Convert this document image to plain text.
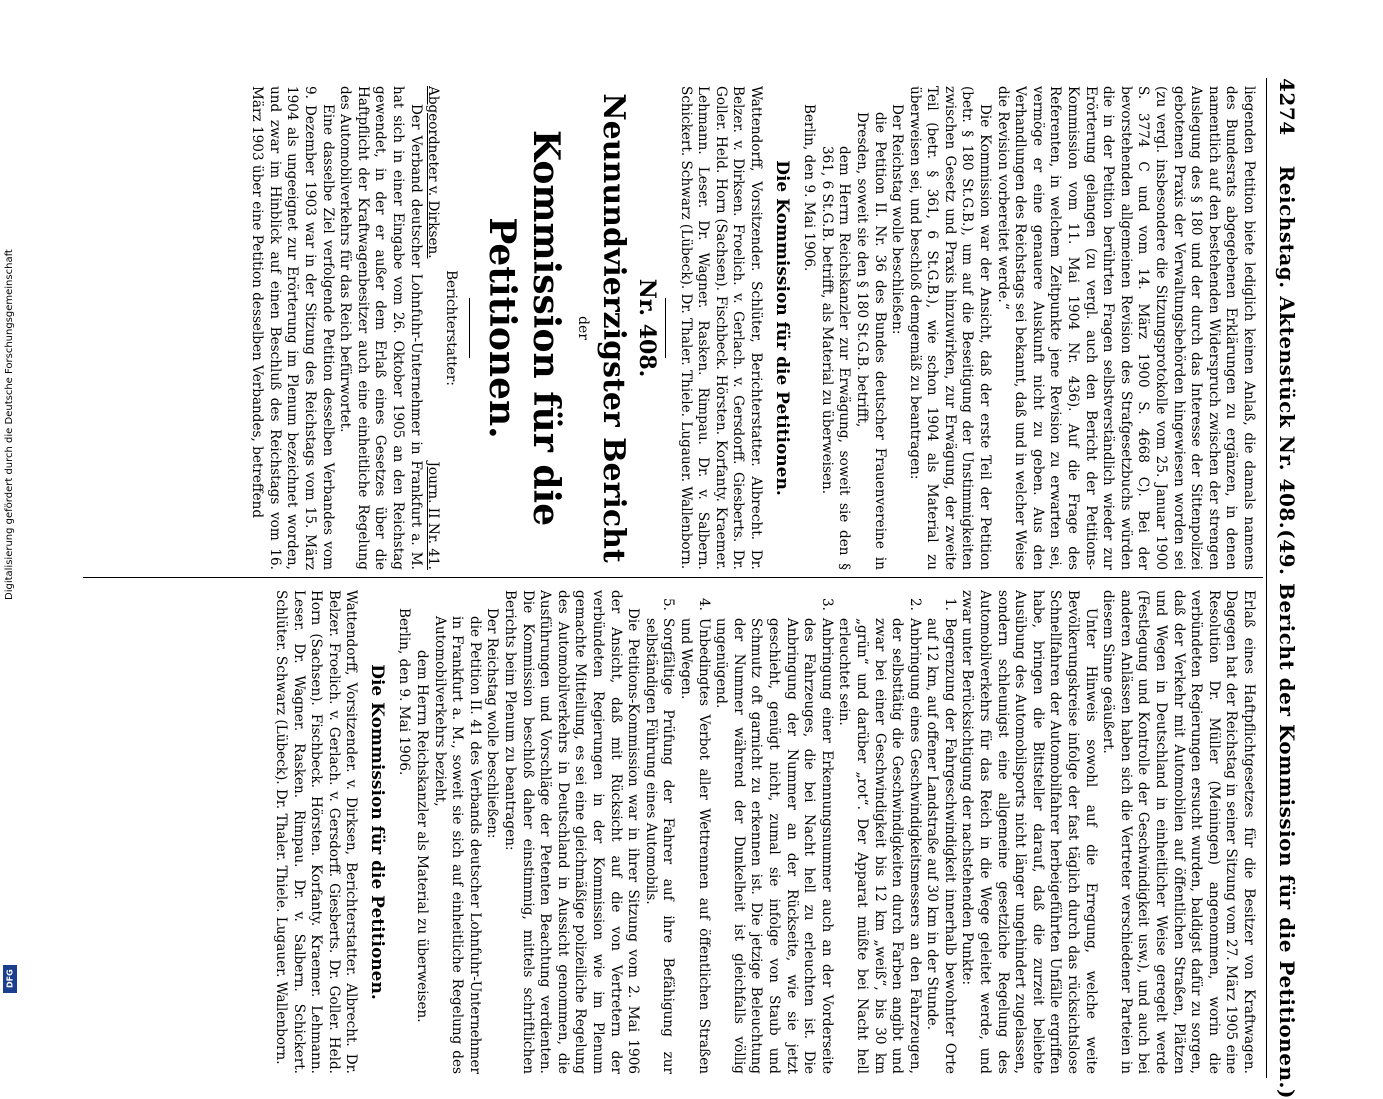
4274
Reichstag. Aktenstück Nr. 408.
(49. Bericht der Kommission für die Petitionen.)

liegenden Petition biete lediglich keinen Anlaß, die damals namens des Bundesrats abgegebenen Erklärungen zu ergänzen, in denen namentlich auf den bestehenden Widerspruch zwischen der strengen Auslegung des § 180 und der durch das Interesse der Sittenpolizei gebotenen Praxis der Verwaltungsbehörden hingewiesen worden sei (zu vergl. insbesondere die Sitzungsprotokolle vom 25. Januar 1900 S. 3774 C und vom 14. März 1900 S. 4668 C). Bei der bevorstehenden allgemeinen Revision des Strafgesetzbuchs würden die in der Petition berührten Fragen selbstverständlich wieder zur Erörterung gelangen (zu vergl. auch den Bericht der Petitions-Kommission vom 11. Mai 1904 Nr. 436). Auf die Frage des Referenten, in welchem Zeitpunkte jene Revision zu erwarten sei, vermöge er eine genauere Auskunft nicht zu geben. Aus den Verhandlungen des Reichstags sei bekannt, daß und in welcher Weise die Revision vorbereitet werde.“

Die Kommission war der Ansicht, daß der erste Teil der Petition (betr. § 180 St.G.B.), um auf die Beseitigung der Unstimmigkeiten zwischen Gesetz und Praxis hinzuwirken, zur Erwägung, der zweite Teil (betr. § 361, 6 St.G.B.), wie schon 1904 als Material zu überweisen sei, und beschloß demgemäß zu beantragen:

Der Reichstag wolle beschließen:

die Petition II. Nr. 36 des Bundes deutscher Frauenvereine in Dresden, soweit sie den § 180 St.G.B. betrifft,

dem Herrn Reichskanzler zur Erwägung, soweit sie den § 361, 6 St.G.B. betrifft, als Material zu überweisen.

Berlin, den 9. Mai 1906.

Die Kommission für die Petitionen.

Wattendorff, Vorsitzender. Schlüter, Berichterstatter. Albrecht. Dr. Belzer. v. Dirksen. Froelich. v. Gerlach. v. Gersdorff. Giesberts. Dr. Goller. Held. Horn (Sachsen). Fischbeck. Hörsten. Korfanty. Kraemer. Lehmann. Leser. Dr. Wagner. Rasken. Rimpau. Dr. v. Salbern. Schickert. Schwarz (Lübeck). Dr. Thaler. Thiele. Lugauer. Wallenborn.

Nr. 408.
Neunundvierzigster Bericht
der
Kommission für die Petitionen.
Berichterstatter:
Abgeordneter v. Dirksen.
Journ. II Nr. 41.

Der Verband deutscher Lohnfuhr-Unternehmer in Frankfurt a. M. hat sich in einer Eingabe vom 26. Oktober 1905 an den Reichstag gewendet, in der er außer dem Erlaß eines Gesetzes über die Haftpflicht der Kraftwagenbesitzer auch eine einheitliche Regelung des Automobilverkehrs für das Reich befürwortet.

Eine dasselbe Ziel verfolgende Petition desselben Verbandes vom 9. Dezember 1903 war in der Sitzung des Reichstags vom 15. März 1904 als ungeeignet zur Erörterung im Plenum bezeichnet worden, und zwar im Hinblick auf einen Beschluß des Reichstags vom 16. März 1903 über eine Petition desselben Verbandes, betreffend

Erlaß eines Haftpflichtgesetzes für die Besitzer von Kraftwagen. Dagegen hat der Reichstag in seiner Sitzung vom 27. März 1905 eine Resolution Dr. Müller (Meiningen) angenommen, worin die verbündeten Regierungen ersucht wurden, baldigst dafür zu sorgen, daß der Verkehr mit Automobilen auf öffentlichen Straßen, Plätzen und Wegen in Deutschland in einheitlicher Weise geregelt werde (Festlegung und Kontrolle der Geschwindigkeit usw.), und auch bei anderen Anlässen haben sich die Vertreter verschiedener Parteien in diesem Sinne geäußert.

Unter Hinweis sowohl auf die Erregung, welche weite Bevölkerungskreise infolge der fast täglich durch das rücksichtslose Schnellfahren der Automobilfahrer herbeigeführten Unfälle ergriffen habe, bringen die Bittsteller darauf, daß die zurzeit beliebte Ausübung des Automobilsports nicht länger ungehindert zugelassen, sondern schleunigst eine allgemeine gesetzliche Regelung des Automobilverkehrs für das Reich in die Wege geleitet werde, und zwar unter Berücksichtigung der nachstehenden Punkte:

1.
Begrenzung der Fahrgeschwindigkeit innerhalb bewohnter Orte auf 12 km, auf offener Landstraße auf 30 km in der Stunde.

2.
Anbringung eines Geschwindigkeitsmessers an den Fahrzeugen, der selbsttätig die Geschwindigkeiten durch Farben angibt und zwar bei einer Geschwindigkeit bis 12 km „weiß“, bis 30 km „grün“ und darüber „rot“. Der Apparat müßte bei Nacht hell erleuchtet sein.

3.
Anbringung einer Erkennungsnummer auch an der Vorderseite des Fahrzeuges, die bei Nacht hell zu erleuchten ist. Die Anbringung der Nummer an der Rückseite, wie sie jetzt geschieht, genügt nicht, zumal sie infolge von Staub und Schmutz oft garnicht zu erkennen ist. Die jetzige Beleuchtung der Nummer während der Dunkelheit ist gleichfalls völlig ungenügend.

4.
Unbedingtes Verbot aller Wettrennen auf öffentlichen Straßen und Wegen.

5.
Sorgfältige Prüfung der Fahrer auf ihre Befähigung zur selbständigen Führung eines Automobils.

Die Petitions-Kommission war in ihrer Sitzung vom 2. Mai 1906 der Ansicht, daß mit Rücksicht auf die von Vertretern der verbündeten Regierungen in der Kommission wie im Plenum gemachte Mitteilung, es sei eine gleichmäßige polizeiliche Regelung des Automobilverkehrs in Deutschland in Aussicht genommen, die Ausführungen und Vorschläge der Petenten Beachtung verdienten. Die Kommission beschloß daher einstimmig, mittels schriftlichen Berichts beim Plenum zu beantragen:

Der Reichstag wolle beschließen:

die Petition II. 41 des Verbands deutscher Lohnfuhr-Unternehmer in Frankfurt a. M., soweit sie sich auf einheitliche Regelung des Automobilverkehrs bezieht,

dem Herrn Reichskanzler als Material zu überweisen.

Berlin, den 9. Mai 1906.

Die Kommission für die Petitionen.

Wattendorff, Vorsitzender. v. Dirksen, Berichterstatter. Albrecht. Dr. Belzer. Froelich. v. Gerlach. v. Gersdorff. Giesberts. Dr. Goller. Held. Horn (Sachsen). Fischbeck. Hörsten. Korfanty. Kraemer. Lehmann. Leser. Dr. Wagner. Rasken. Rimpau. Dr. v. Salbern. Schickert. Schlüter. Schwarz (Lübeck). Dr. Thaler. Thiele. Lugauer. Wallenborn.

Digitalisierung gefördert durch die Deutsche Forschungsgemeinschaft
DFG
